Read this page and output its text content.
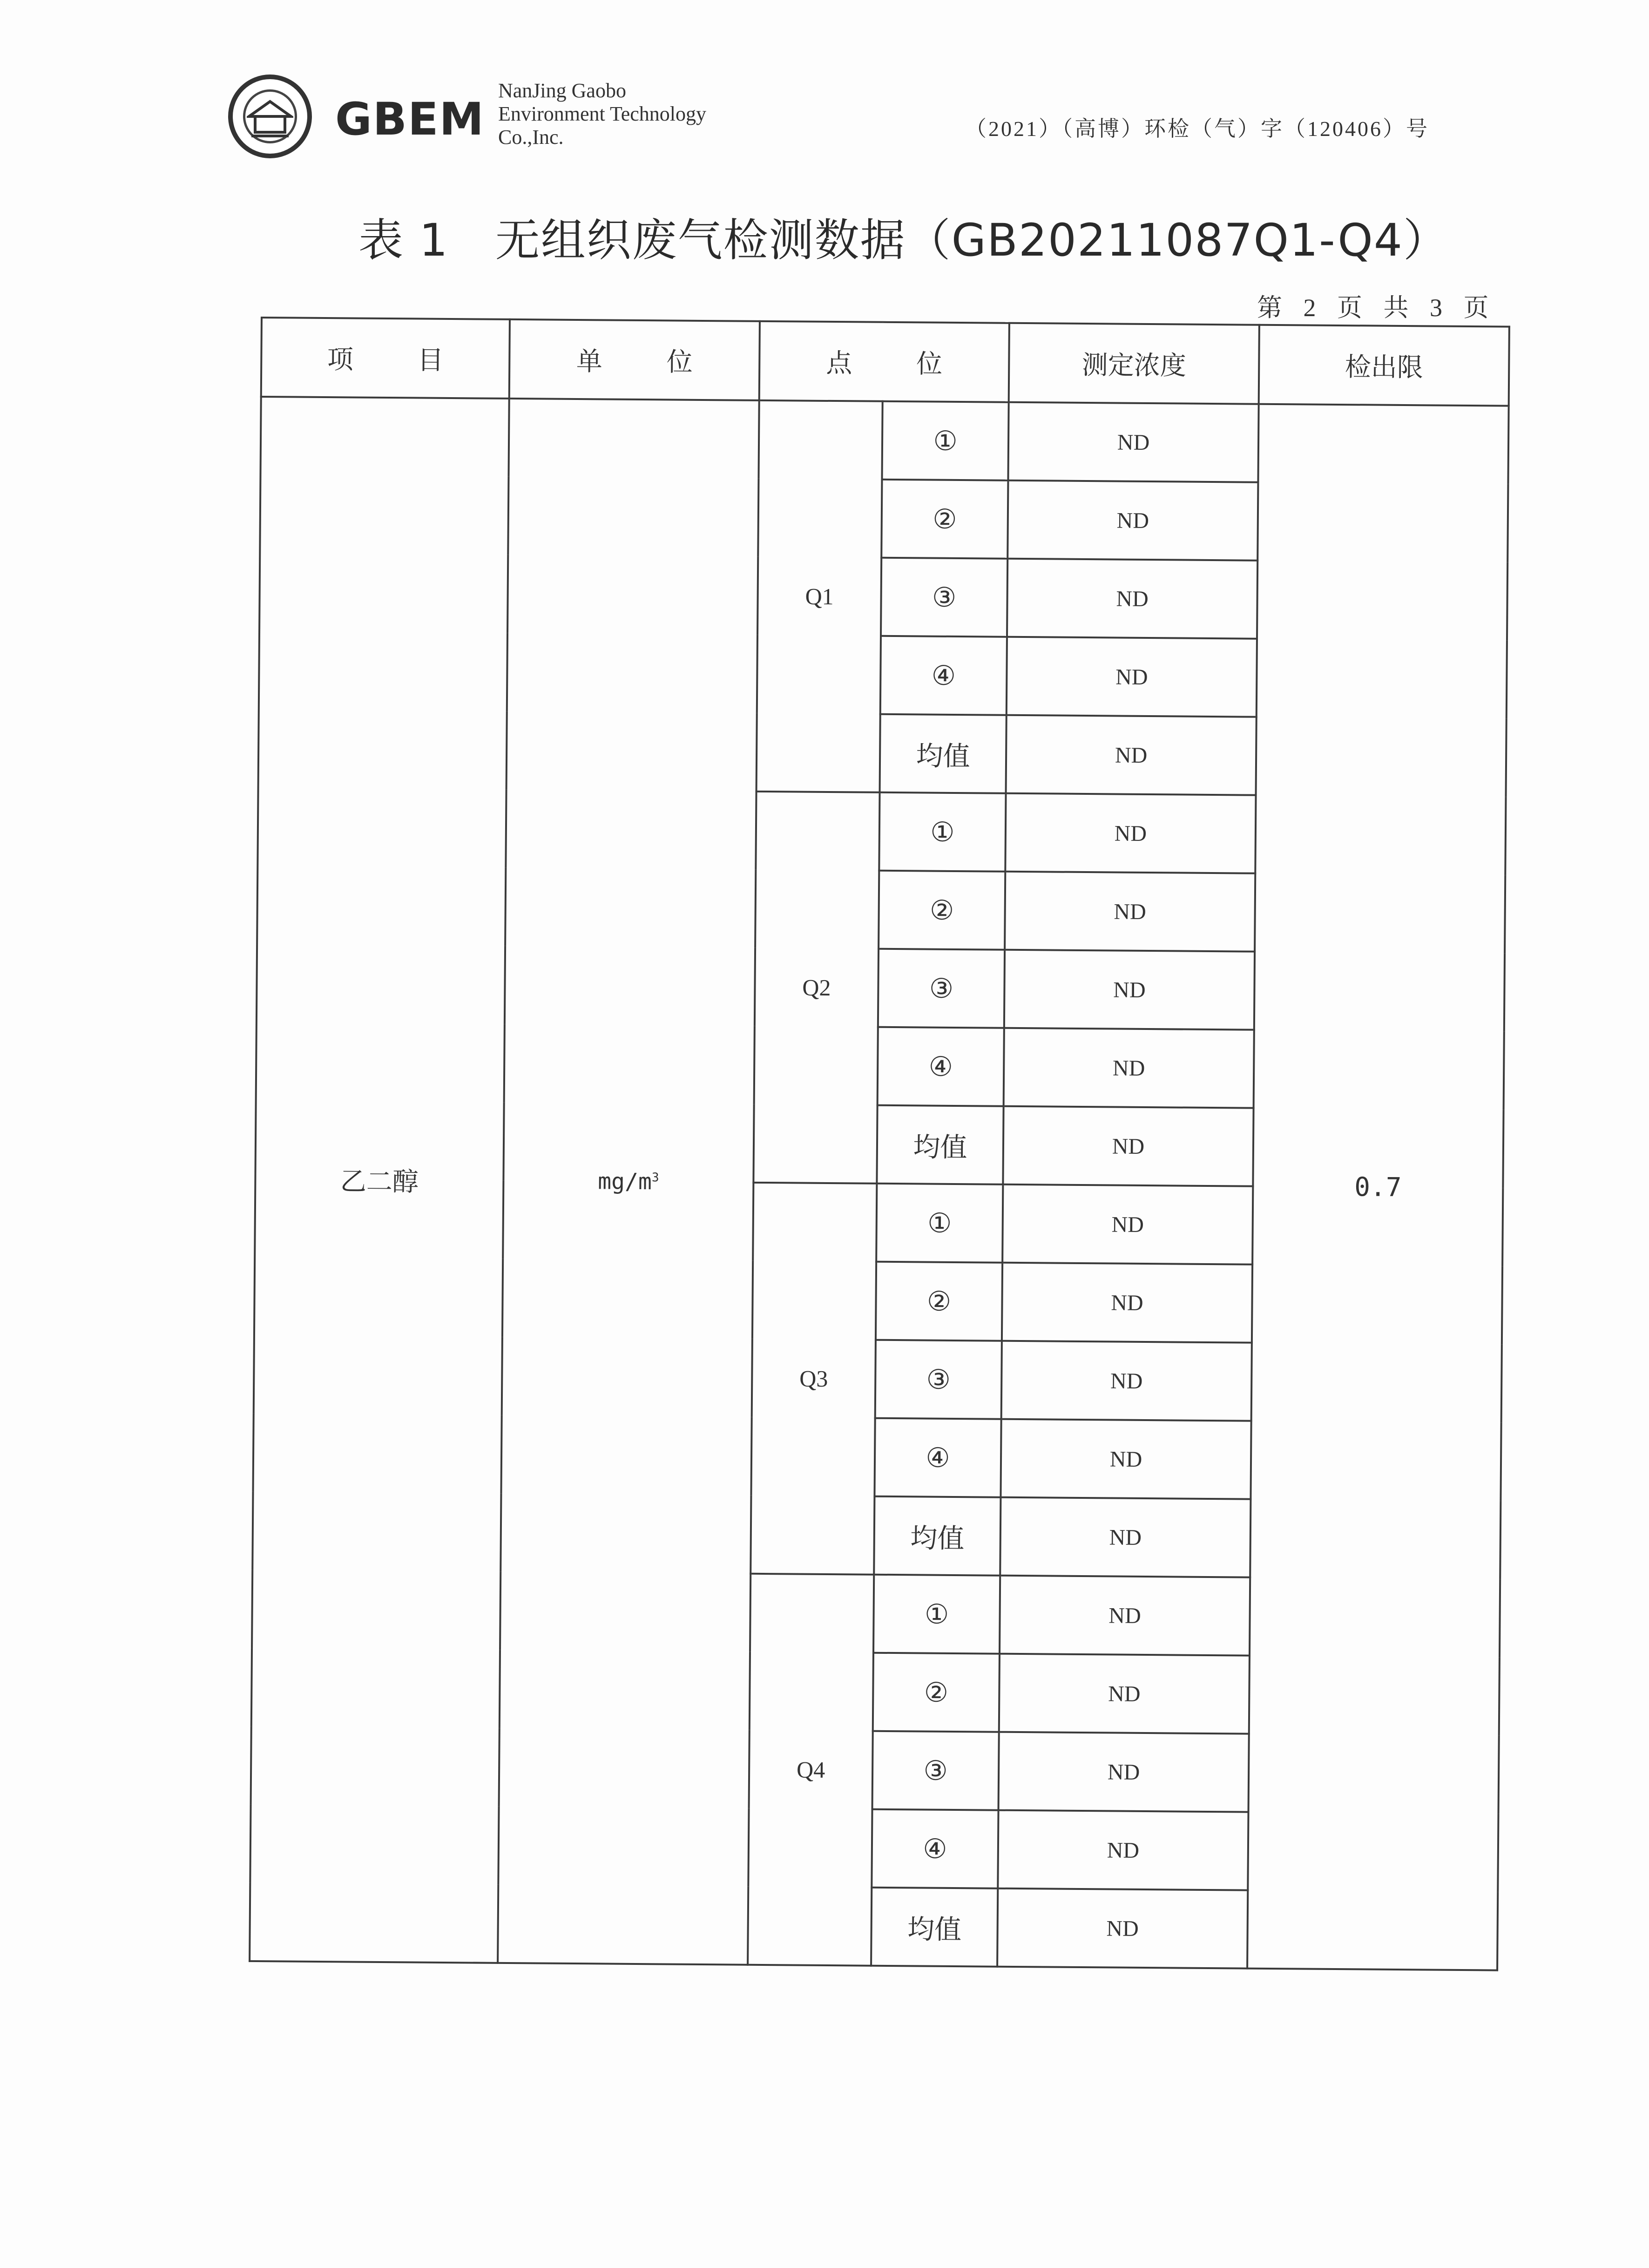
GBEM
NanJing Gaobo
Environment Technology
Co.,Inc.	（2021）（高博）环检（气）字（120406）号
表 1 无组织废气检测数据（GB20211087Q1-Q4）
第 2 页 共 3 页
项 目	单 位	点 位		测定浓度	检出限
乙二醇	$mg/m^3$	Q1	①	ND	0.7
			②	ND	
			③	ND	
			④	ND	
			均值	ND	
		Q2	①	ND	
			②	ND	
			③	ND	
			④	ND	
			均值	ND	
		Q3	①	ND	
			②	ND	
			③	ND	
			④	ND	
			均值	ND	
		Q4	①	ND	
			②	ND	
			③	ND	
			④	ND	
			均值	ND	
